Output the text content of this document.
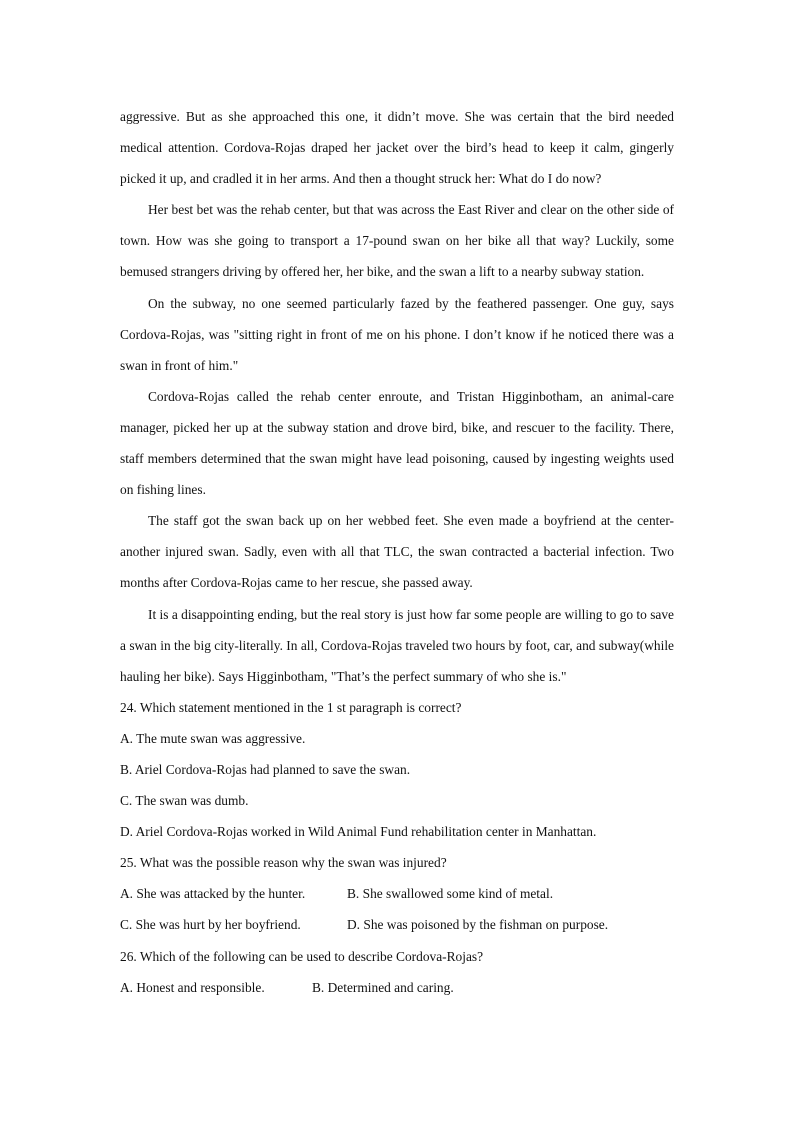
aggressive. But as she approached this one, it didn’t move. She was certain that the bird needed medical attention. Cordova-Rojas draped her jacket over the bird’s head to keep it calm, gingerly picked it up, and cradled it in her arms. And then a thought struck her: What do I do now?

Her best bet was the rehab center, but that was across the East River and clear on the other side of town. How was she going to transport a 17-pound swan on her bike all that way? Luckily, some bemused strangers driving by offered her, her bike, and the swan a lift to a nearby subway station.

On the subway, no one seemed particularly fazed by the feathered passenger. One guy, says Cordova-Rojas, was "sitting right in front of me on his phone. I don’t know if he noticed there was a swan in front of him."

Cordova-Rojas called the rehab center enroute, and Tristan Higginbotham, an animal-care manager, picked her up at the subway station and drove bird, bike, and rescuer to the facility. There, staff members determined that the swan might have lead poisoning, caused by ingesting weights used on fishing lines.

The staff got the swan back up on her webbed feet. She even made a boyfriend at the center-another injured swan. Sadly, even with all that TLC, the swan contracted a bacterial infection. Two months after Cordova-Rojas came to her rescue, she passed away.

It is a disappointing ending, but the real story is just how far some people are willing to go to save a swan in the big city-literally. In all, Cordova-Rojas traveled two hours by foot, car, and subway(while hauling her bike). Says Higginbotham, "That’s the perfect summary of who she is."

24. Which statement mentioned in the 1 st paragraph is correct?

A. The mute swan was aggressive.

B. Ariel Cordova-Rojas had planned to save the swan.

C. The swan was dumb.

D. Ariel Cordova-Rojas worked in Wild Animal Fund rehabilitation center in Manhattan.

25. What was the possible reason why the swan was injured?

A. She was attacked by the hunter.	B. She swallowed some kind of metal.
C. She was hurt by her boyfriend.	D. She was poisoned by the fishman on purpose.

26. Which of the following can be used to describe Cordova-Rojas?

A. Honest and responsible.	B. Determined and caring.
